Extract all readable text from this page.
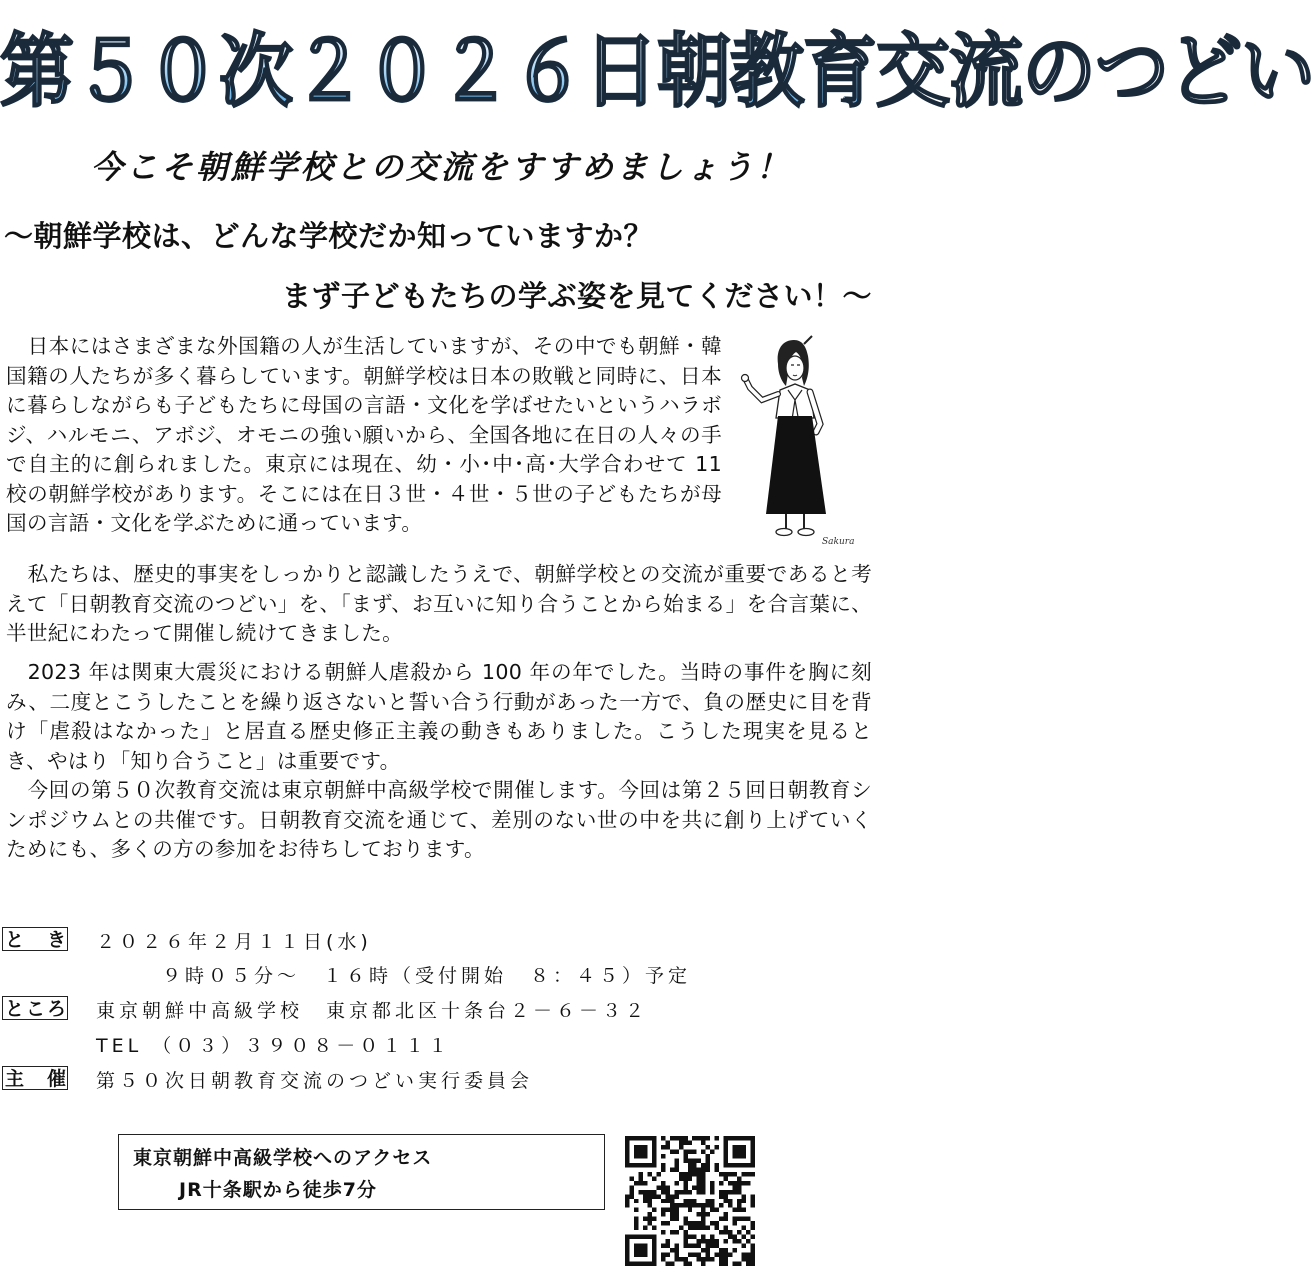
第５０次２０２６日朝教育交流のつどい
今こそ朝鮮学校との交流をすすめましょう！
～朝鮮学校は、どんな学校だか知っていますか？
まず子どもたちの学ぶ姿を見てください！～

日本にはさまざまな外国籍の人が生活していますが、その中でも朝鮮・韓国籍の人たちが多く暮らしています。朝鮮学校は日本の敗戦と同時に、日本に暮らしながらも子どもたちに母国の言語・文化を学ばせたいというハラボジ、ハルモニ、アボジ、オモニの強い願いから、全国各地に在日の人々の手で自主的に創られました。東京には現在、幼・小･中･高･大学合わせて 11 校の朝鮮学校があります。そこには在日３世・４世・５世の子どもたちが母国の言語・文化を学ぶために通っています。

Sakura

私たちは、歴史的事実をしっかりと認識したうえで、朝鮮学校との交流が重要であると考えて「日朝教育交流のつどい」を、「まず、お互いに知り合うことから始まる」を合言葉に、半世紀にわたって開催し続けてきました。

2023 年は関東大震災における朝鮮人虐殺から 100 年の年でした。当時の事件を胸に刻み、二度とこうしたことを繰り返さないと誓い合う行動があった一方で、負の歴史に目を背け「虐殺はなかった」と居直る歴史修正主義の動きもありました。こうした現実を見るとき、やはり「知り合うこと」は重要です。

今回の第５０次教育交流は東京朝鮮中高級学校で開催します。今回は第２５回日朝教育シンポジウムとの共催です。日朝教育交流を通じて、差別のない世の中を共に創り上げていくためにも、多くの方の参加をお待ちしております。

と　き ２０２６年２月１１日(水)
９時０５分～　１６時（受付開始　８：４５）予定
ところ 東京朝鮮中高級学校　東京都北区十条台２－６－３２
TEL （０３）３９０８－０１１１
主　催 第５０次日朝教育交流のつどい実行委員会
東京朝鮮中高級学校へのアクセス
JR十条駅から徒歩7分
